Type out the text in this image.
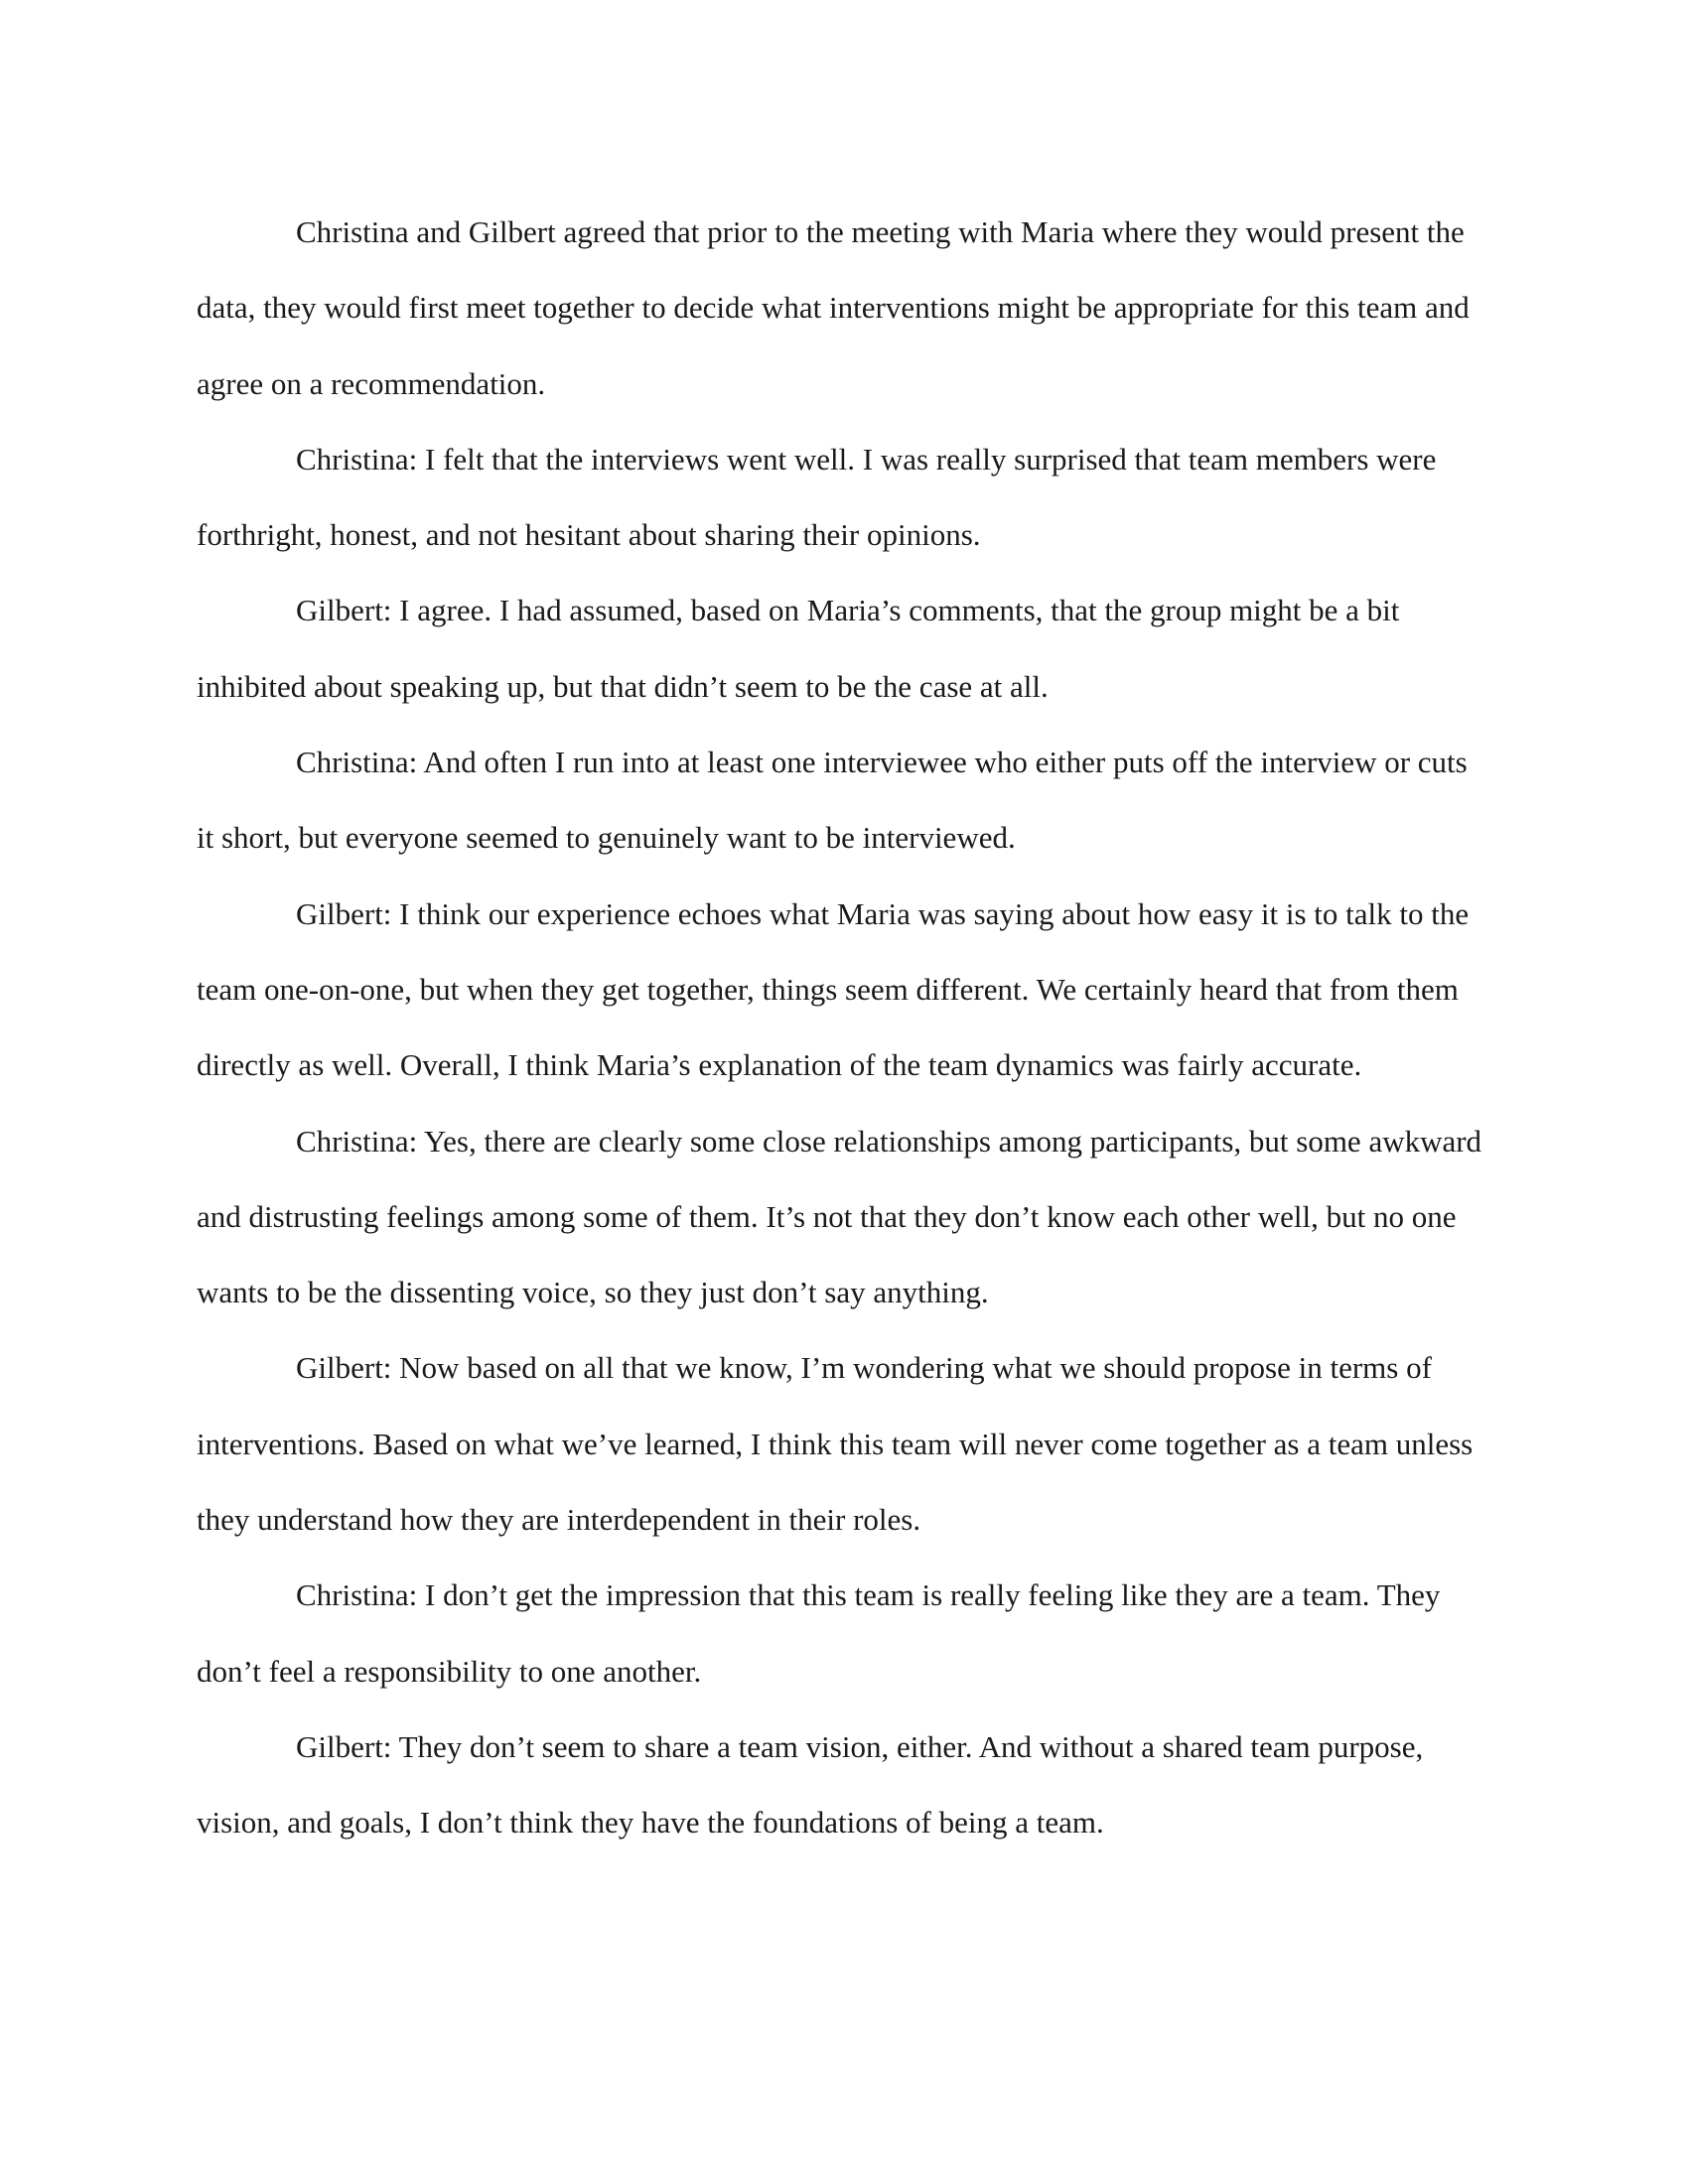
Christina and Gilbert agreed that prior to the meeting with Maria where they would present the data, they would first meet together to decide what interventions might be appropriate for this team and agree on a recommendation.

Christina: I felt that the interviews went well. I was really surprised that team members were forthright, honest, and not hesitant about sharing their opinions.

Gilbert: I agree. I had assumed, based on Maria’s comments, that the group might be a bit inhibited about speaking up, but that didn’t seem to be the case at all.

Christina: And often I run into at least one interviewee who either puts off the interview or cuts it short, but everyone seemed to genuinely want to be interviewed.

Gilbert: I think our experience echoes what Maria was saying about how easy it is to talk to the team one-on-one, but when they get together, things seem different. We certainly heard that from them directly as well. Overall, I think Maria’s explanation of the team dynamics was fairly accurate.

Christina: Yes, there are clearly some close relationships among participants, but some awkward and distrusting feelings among some of them. It’s not that they don’t know each other well, but no one wants to be the dissenting voice, so they just don’t say anything.

Gilbert: Now based on all that we know, I’m wondering what we should propose in terms of interventions. Based on what we’ve learned, I think this team will never come together as a team unless they understand how they are interdependent in their roles.

Christina: I don’t get the impression that this team is really feeling like they are a team. They don’t feel a responsibility to one another.

Gilbert: They don’t seem to share a team vision, either. And without a shared team purpose, vision, and goals, I don’t think they have the foundations of being a team.
